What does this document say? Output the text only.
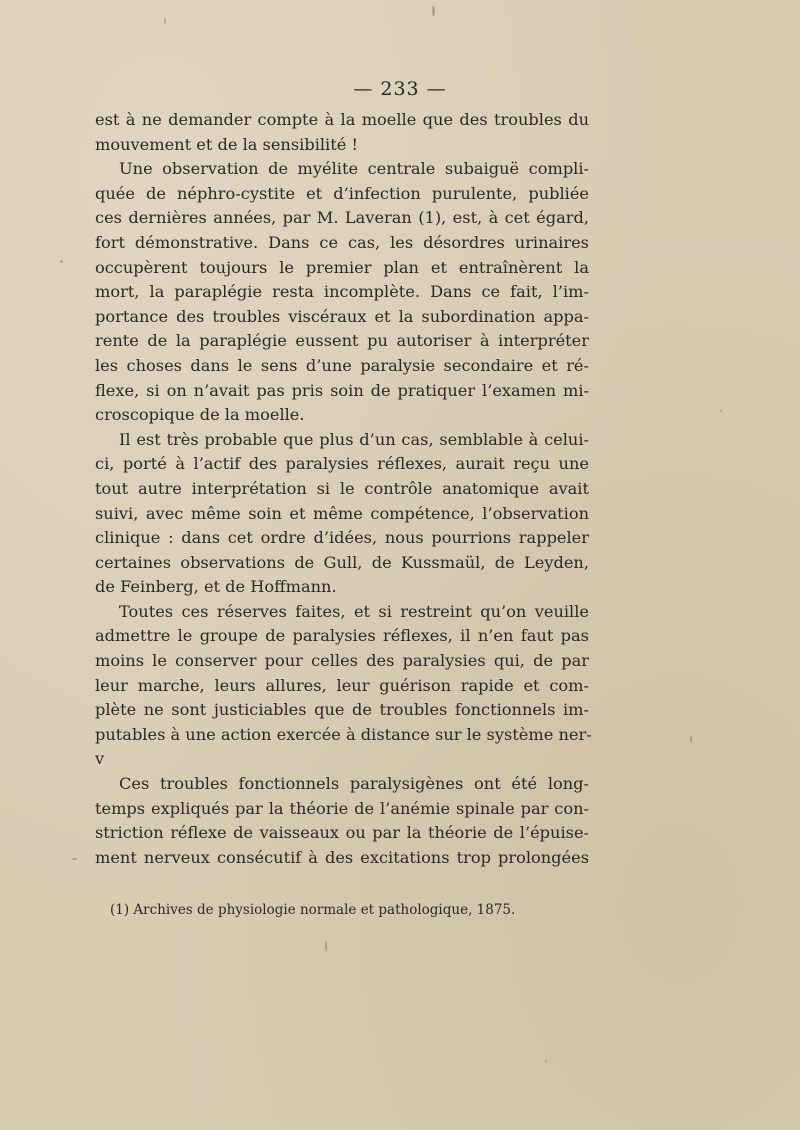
— 233 —
est à ne demander compte à la moelle que des troubles du
mouvement et de la sensibilité !
Une observation de myélite centrale subaiguë compli-
quée de néphro-cystite et d’infection purulente, publiée
ces dernières années, par M. Laveran (1), est, à cet égard,
fort démonstrative. Dans ce cas, les désordres urinaires
occupèrent toujours le premier plan et entraînèrent la
mort, la paraplégie resta incomplète. Dans ce fait, l’im-
portance des troubles viscéraux et la subordination appa-
rente de la paraplégie eussent pu autoriser à interpréter
les choses dans le sens d’une paralysie secondaire et ré-
flexe, si on n’avait pas pris soin de pratiquer l’examen mi-
croscopique de la moelle.
Il est très probable que plus d’un cas, semblable à celui-
ci, porté à l’actif des paralysies réflexes, aurait reçu une
tout autre interprétation si le contrôle anatomique avait
suivi, avec même soin et même compétence, l’observation
clinique : dans cet ordre d’idées, nous pourrions rappeler
certaines observations de Gull, de Kussmaül, de Leyden,
de Feinberg, et de Hoffmann.
Toutes ces réserves faites, et si restreint qu’on veuille
admettre le groupe de paralysies réflexes, il n’en faut pas
moins le conserver pour celles des paralysies qui, de par
leur marche, leurs allures, leur guérison rapide et com-
plète ne sont justiciables que de troubles fonctionnels im-
putables à une action exercée à distance sur le système ner-
v
Ces troubles fonctionnels paralysigènes ont été long-
temps expliqués par la théorie de l’anémie spinale par con-
striction réflexe de vaisseaux ou par la théorie de l’épuise-
ment nerveux consécutif à des excitations trop prolongées
(1) Archives de physiologie normale et pathologique, 1875.
